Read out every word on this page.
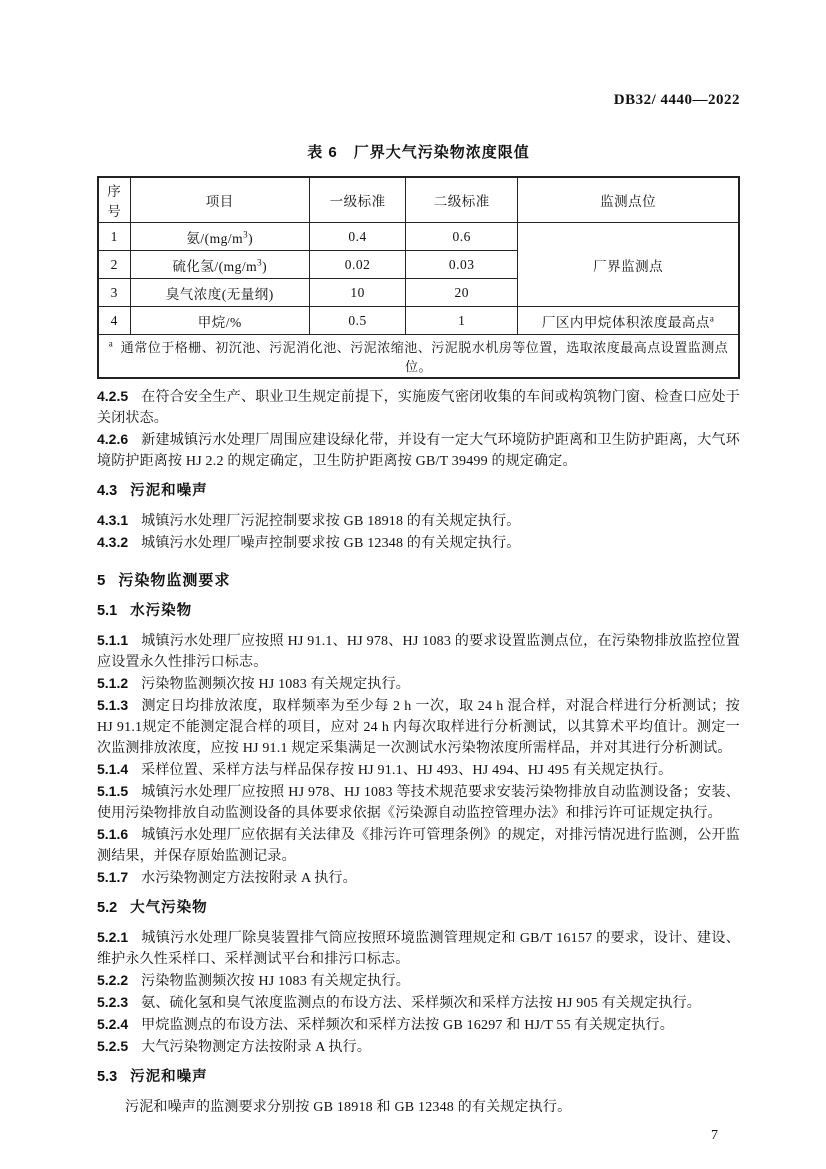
DB32/ 4440—2022
表 6　厂界大气污染物浓度限值
序号	项目	一级标准	二级标准	监测点位
1	氨$/(mg/m^3)$	0.4	0.6	厂界监测点
2	硫化氢$/(mg/m^3)$	0.02	0.03	
3	臭气浓度(无量纲)	10	20	
4	甲烷/%	0.5	1	厂区内甲烷体积浓度最高点$^a$
$^a$ 通常位于格栅、初沉池、污泥消化池、污泥浓缩池、污泥脱水机房等位置，选取浓度最高点设置监测点位。				

4.2.5 在符合安全生产、职业卫生规定前提下，实施废气密闭收集的车间或构筑物门窗、检查口应处于关闭状态。

4.2.6 新建城镇污水处理厂周围应建设绿化带，并设有一定大气环境防护距离和卫生防护距离，大气环境防护距离按 HJ 2.2 的规定确定，卫生防护距离按 GB/T 39499 的规定确定。

4.3 污泥和噪声

4.3.1 城镇污水处理厂污泥控制要求按 GB 18918 的有关规定执行。

4.3.2 城镇污水处理厂噪声控制要求按 GB 12348 的有关规定执行。

5 污染物监测要求

5.1 水污染物

5.1.1 城镇污水处理厂应按照 HJ 91.1、HJ 978、HJ 1083 的要求设置监测点位，在污染物排放监控位置应设置永久性排污口标志。

5.1.2 污染物监测频次按 HJ 1083 有关规定执行。

5.1.3 测定日均排放浓度，取样频率为至少每 2 h 一次，取 24 h 混合样，对混合样进行分析测试；按 HJ 91.1规定不能测定混合样的项目，应对 24 h 内每次取样进行分析测试，以其算术平均值计。测定一次监测排放浓度，应按 HJ 91.1 规定采集满足一次测试水污染物浓度所需样品，并对其进行分析测试。

5.1.4 采样位置、采样方法与样品保存按 HJ 91.1、HJ 493、HJ 494、HJ 495 有关规定执行。

5.1.5 城镇污水处理厂应按照 HJ 978、HJ 1083 等技术规范要求安装污染物排放自动监测设备；安装、使用污染物排放自动监测设备的具体要求依据《污染源自动监控管理办法》和排污许可证规定执行。

5.1.6 城镇污水处理厂应依据有关法律及《排污许可管理条例》的规定，对排污情况进行监测，公开监测结果，并保存原始监测记录。

5.1.7 水污染物测定方法按附录 A 执行。

5.2 大气污染物

5.2.1 城镇污水处理厂除臭装置排气筒应按照环境监测管理规定和 GB/T 16157 的要求，设计、建设、维护永久性采样口、采样测试平台和排污口标志。

5.2.2 污染物监测频次按 HJ 1083 有关规定执行。

5.2.3 氨、硫化氢和臭气浓度监测点的布设方法、采样频次和采样方法按 HJ 905 有关规定执行。

5.2.4 甲烷监测点的布设方法、采样频次和采样方法按 GB 16297 和 HJ/T 55 有关规定执行。

5.2.5 大气污染物测定方法按附录 A 执行。

5.3 污泥和噪声

污泥和噪声的监测要求分别按 GB 18918 和 GB 12348 的有关规定执行。

7
